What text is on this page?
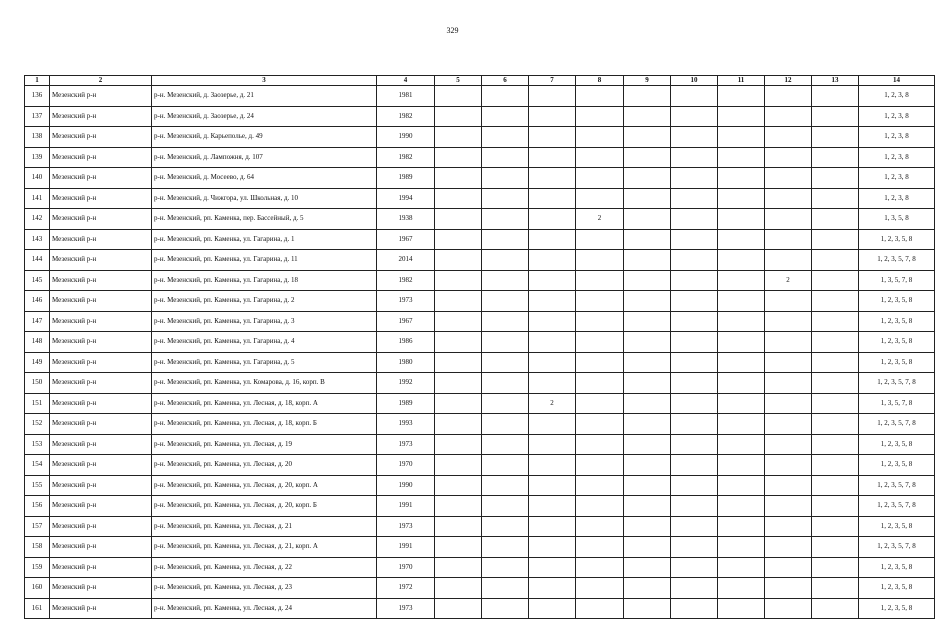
329
1	2	3	4	5	6	7	8	9	10	11	12	13	14
136	Мезенский р-н	р-н. Мезенский, д. Заозерье, д. 21	1981										1, 2, 3, 8
137	Мезенский р-н	р-н. Мезенский, д. Заозерье, д. 24	1982										1, 2, 3, 8
138	Мезенский р-н	р-н. Мезенский, д. Карьеполье, д. 49	1990										1, 2, 3, 8
139	Мезенский р-н	р-н. Мезенский, д. Лампожня, д. 107	1982										1, 2, 3, 8
140	Мезенский р-н	р-н. Мезенский, д. Мосеево, д. 64	1989										1, 2, 3, 8
141	Мезенский р-н	р-н. Мезенский, д. Чижгора, ул. Школьная, д. 10	1994										1, 2, 3, 8
142	Мезенский р-н	р-н. Мезенский, рп. Каменка, пер. Бассейный, д. 5	1938				2						1, 3, 5, 8
143	Мезенский р-н	р-н. Мезенский, рп. Каменка, ул. Гагарина, д. 1	1967										1, 2, 3, 5, 8
144	Мезенский р-н	р-н. Мезенский, рп. Каменка, ул. Гагарина, д. 11	2014										1, 2, 3, 5, 7, 8
145	Мезенский р-н	р-н. Мезенский, рп. Каменка, ул. Гагарина, д. 18	1982								2		1, 3, 5, 7, 8
146	Мезенский р-н	р-н. Мезенский, рп. Каменка, ул. Гагарина, д. 2	1973										1, 2, 3, 5, 8
147	Мезенский р-н	р-н. Мезенский, рп. Каменка, ул. Гагарина, д. 3	1967										1, 2, 3, 5, 8
148	Мезенский р-н	р-н. Мезенский, рп. Каменка, ул. Гагарина, д. 4	1986										1, 2, 3, 5, 8
149	Мезенский р-н	р-н. Мезенский, рп. Каменка, ул. Гагарина, д. 5	1980										1, 2, 3, 5, 8
150	Мезенский р-н	р-н. Мезенский, рп. Каменка, ул. Комарова, д. 16, корп. В	1992										1, 2, 3, 5, 7, 8
151	Мезенский р-н	р-н. Мезенский, рп. Каменка, ул. Лесная, д. 18, корп. А	1989			2							1, 3, 5, 7, 8
152	Мезенский р-н	р-н. Мезенский, рп. Каменка, ул. Лесная, д. 18, корп. Б	1993										1, 2, 3, 5, 7, 8
153	Мезенский р-н	р-н. Мезенский, рп. Каменка, ул. Лесная, д. 19	1973										1, 2, 3, 5, 8
154	Мезенский р-н	р-н. Мезенский, рп. Каменка, ул. Лесная, д. 20	1970										1, 2, 3, 5, 8
155	Мезенский р-н	р-н. Мезенский, рп. Каменка, ул. Лесная, д. 20, корп. А	1990										1, 2, 3, 5, 7, 8
156	Мезенский р-н	р-н. Мезенский, рп. Каменка, ул. Лесная, д. 20, корп. Б	1991										1, 2, 3, 5, 7, 8
157	Мезенский р-н	р-н. Мезенский, рп. Каменка, ул. Лесная, д. 21	1973										1, 2, 3, 5, 8
158	Мезенский р-н	р-н. Мезенский, рп. Каменка, ул. Лесная, д. 21, корп. А	1991										1, 2, 3, 5, 7, 8
159	Мезенский р-н	р-н. Мезенский, рп. Каменка, ул. Лесная, д. 22	1970										1, 2, 3, 5, 8
160	Мезенский р-н	р-н. Мезенский, рп. Каменка, ул. Лесная, д. 23	1972										1, 2, 3, 5, 8
161	Мезенский р-н	р-н. Мезенский, рп. Каменка, ул. Лесная, д. 24	1973										1, 2, 3, 5, 8
